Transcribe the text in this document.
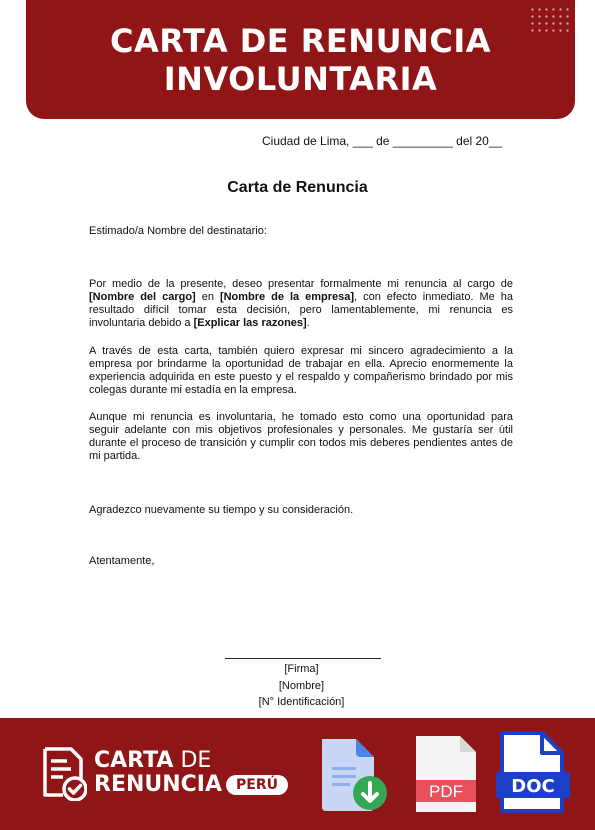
CARTA DE RENUNCIA
INVOLUNTARIA
Ciudad de Lima, ___ de _________ del 20__
Carta de Renuncia
Estimado/a Nombre del destinatario:

Por medio de la presente, deseo presentar formalmente mi renuncia al cargo de [Nombre del cargo] en [Nombre de la empresa], con efecto inmediato. Me ha resultado difícil tomar esta decisión, pero lamentablemente, mi renuncia es involuntaria debido a [Explicar las razones].

A través de esta carta, también quiero expresar mi sincero agradecimiento a la empresa por brindarme la oportunidad de trabajar en ella. Aprecio enormemente la experiencia adquirida en este puesto y el respaldo y compañerismo brindado por mis colegas durante mi estadía en la empresa.

Aunque mi renuncia es involuntaria, he tomado esto como una oportunidad para seguir adelante con mis objetivos profesionales y personales. Me gustaría ser útil durante el proceso de transición y cumplir con todos mis deberes pendientes antes de mi partida.

Agradezco nuevamente su tiempo y su consideración.
Atentamente,
[Firma]
[Nombre]
[N° Identificación]
CARTA DE
RENUNCIA PERÚ	PDF	DOC
